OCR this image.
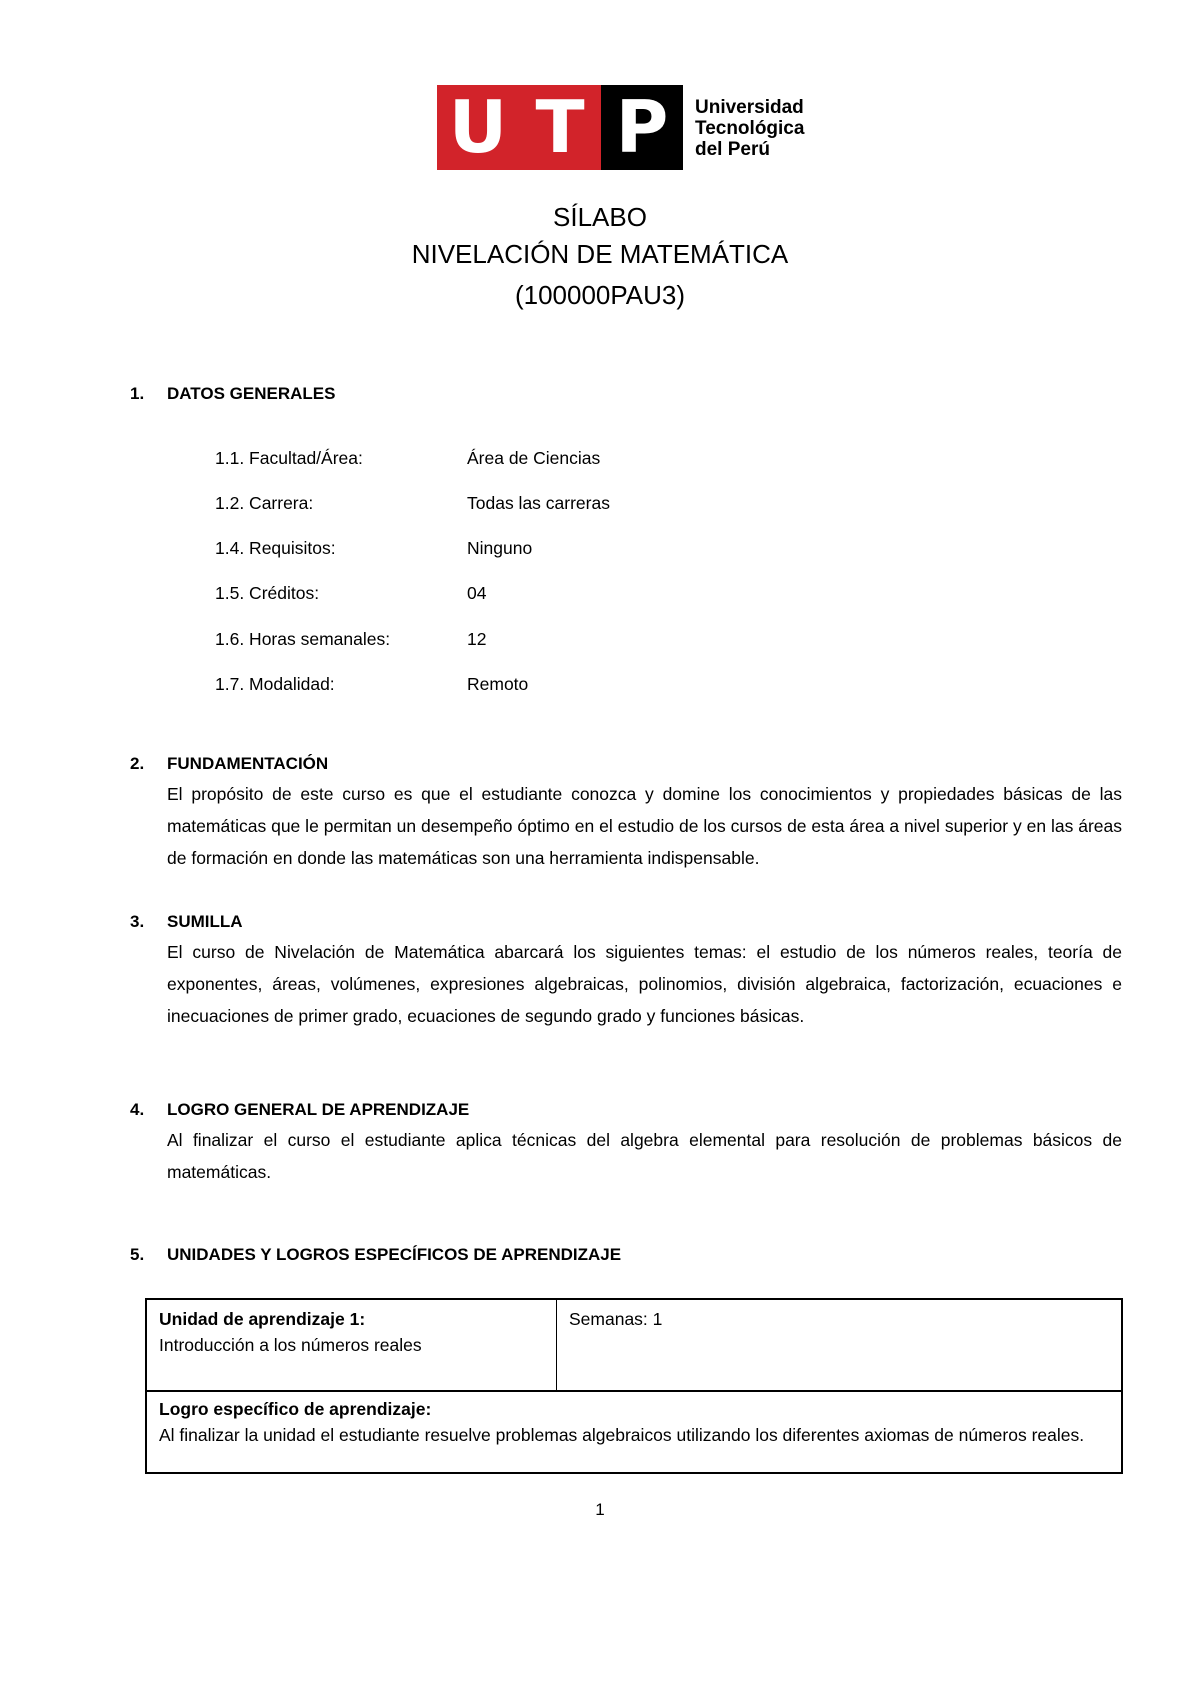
U T P	Universidad
Tecnológica
del Perú
SÍLABO
NIVELACIÓN DE MATEMÁTICA
(100000PAU3)
1. DATOS GENERALES
1.1. Facultad/Área:	Área de Ciencias
1.2. Carrera:	Todas las carreras
1.4. Requisitos:	Ninguno
1.5. Créditos:	04
1.6. Horas semanales:	12
1.7. Modalidad:	Remoto
2. FUNDAMENTACIÓN
El propósito de este curso es que el estudiante conozca y domine los conocimientos y propiedades básicas de las matemáticas que le permitan un desempeño óptimo en el estudio de los cursos de esta área a nivel superior y en las áreas de formación en donde las matemáticas son una herramienta indispensable.
3. SUMILLA
El curso de Nivelación de Matemática abarcará los siguientes temas: el estudio de los números reales, teoría de exponentes, áreas, volúmenes, expresiones algebraicas, polinomios, división algebraica, factorización, ecuaciones e inecuaciones de primer grado, ecuaciones de segundo grado y funciones básicas.
4. LOGRO GENERAL DE APRENDIZAJE
Al finalizar el curso el estudiante aplica técnicas del algebra elemental para resolución de problemas básicos de matemáticas.
5. UNIDADES Y LOGROS ESPECÍFICOS DE APRENDIZAJE
Unidad de aprendizaje 1:
Introducción a los números reales
Semanas: 1
Logro específico de aprendizaje:
Al finalizar la unidad el estudiante resuelve problemas algebraicos utilizando los diferentes axiomas de números reales.
1
